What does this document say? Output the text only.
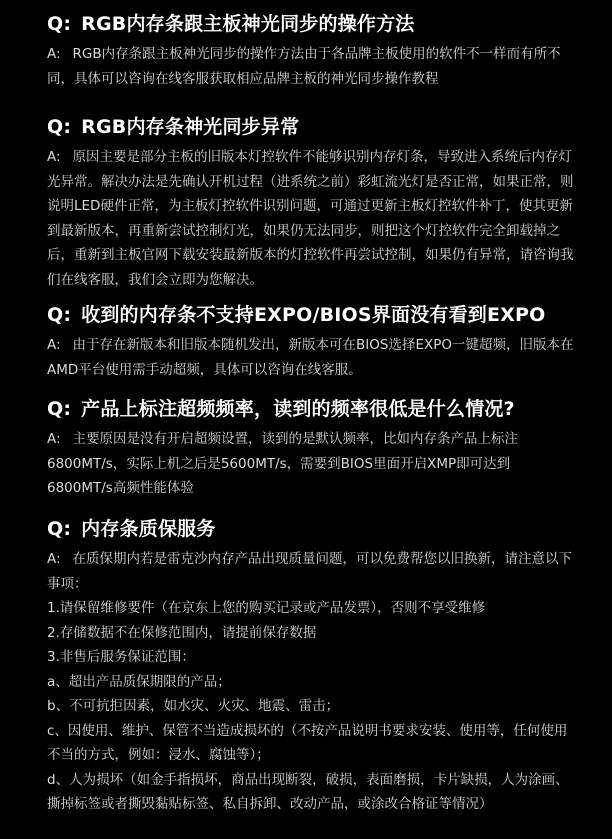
Q: RGB内存条跟主板神光同步的操作方法

A: RGB内存条跟主板神光同步的操作方法由于各品牌主板使用的软件不一样而有所不同，具体可以咨询在线客服获取相应品牌主板的神光同步操作教程

Q: RGB内存条神光同步异常

A: 原因主要是部分主板的旧版本灯控软件不能够识别内存灯条，导致进入系统后内存灯光异常。解决办法是先确认开机过程（进系统之前）彩虹流光灯是否正常，如果正常，则说明LED硬件正常，为主板灯控软件识别问题，可通过更新主板灯控软件补丁，使其更新到最新版本，再重新尝试控制灯光，如果仍无法同步，则把这个灯控软件完全卸载掉之后，重新到主板官网下载安装最新版本的灯控软件再尝试控制，如果仍有异常，请咨询我们在线客服，我们会立即为您解决。

Q: 收到的内存条不支持EXPO/BIOS界面没有看到EXPO

A: 由于存在新版本和旧版本随机发出，新版本可在BIOS选择EXPO一键超频，旧版本在AMD平台使用需手动超频，具体可以咨询在线客服。

Q: 产品上标注超频频率，读到的频率很低是什么情况?

A: 主要原因是没有开启超频设置，读到的是默认频率，比如内存条产品上标注6800MT/s，实际上机之后是5600MT/s，需要到BIOS里面开启XMP即可达到6800MT/s高频性能体验

Q: 内存条质保服务

A: 在质保期内若是雷克沙内存产品出现质量问题，可以免费帮您以旧换新，请注意以下事项：

1.请保留维修要件（在京东上您的购买记录或产品发票），否则不享受维修

2.存储数据不在保修范围内，请提前保存数据

3.非售后服务保证范围：

a、超出产品质保期限的产品；

b、不可抗拒因素，如水灾、火灾、地震、雷击；

c、因使用、维护、保管不当造成损坏的（不按产品说明书要求安装、使用等，任何使用不当的方式，例如：浸水、腐蚀等）；

d、人为损坏（如金手指损坏，商品出现断裂，破损，表面磨损，卡片缺损，人为涂画、撕掉标签或者撕毁黏贴标签、私自拆卸、改动产品，或涂改合格证等情况）
